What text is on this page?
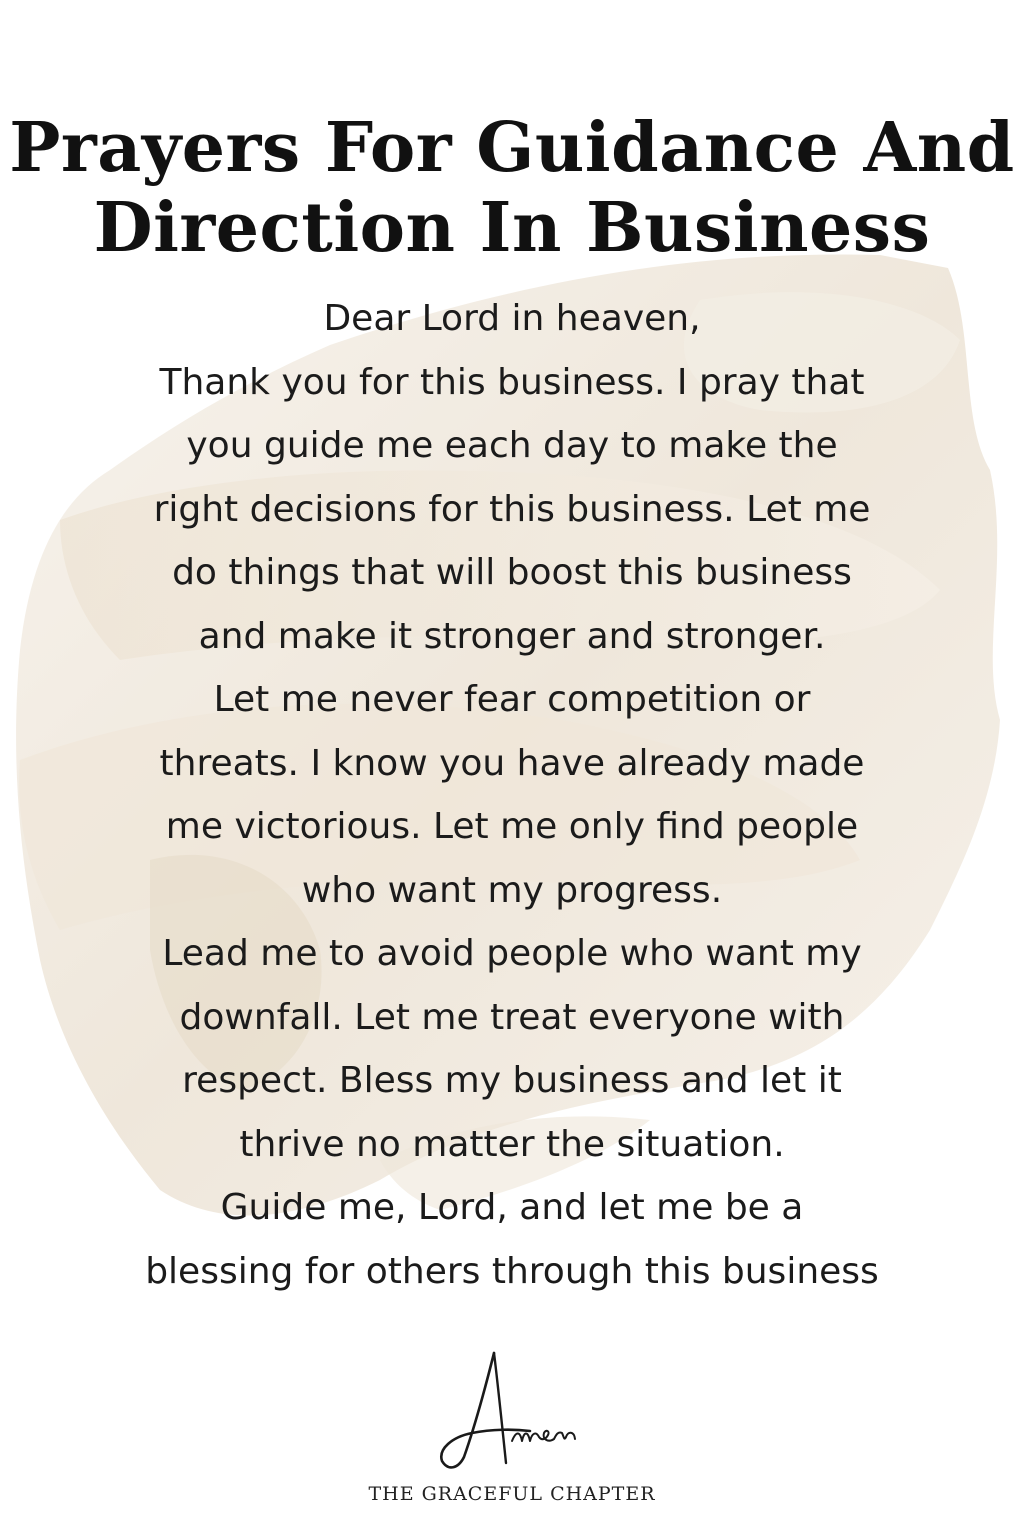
Prayers For Guidance And
Direction In Business
Dear Lord in heaven,
Thank you for this business. I pray that
you guide me each day to make the
right decisions for this business. Let me
do things that will boost this business
and make it stronger and stronger.
Let me never fear competition or
threats. I know you have already made
me victorious. Let me only find people
who want my progress.
Lead me to avoid people who want my
downfall. Let me treat everyone with
respect. Bless my business and let it
thrive no matter the situation.
Guide me, Lord, and let me be a
blessing for others through this business
THE GRACEFUL CHAPTER
